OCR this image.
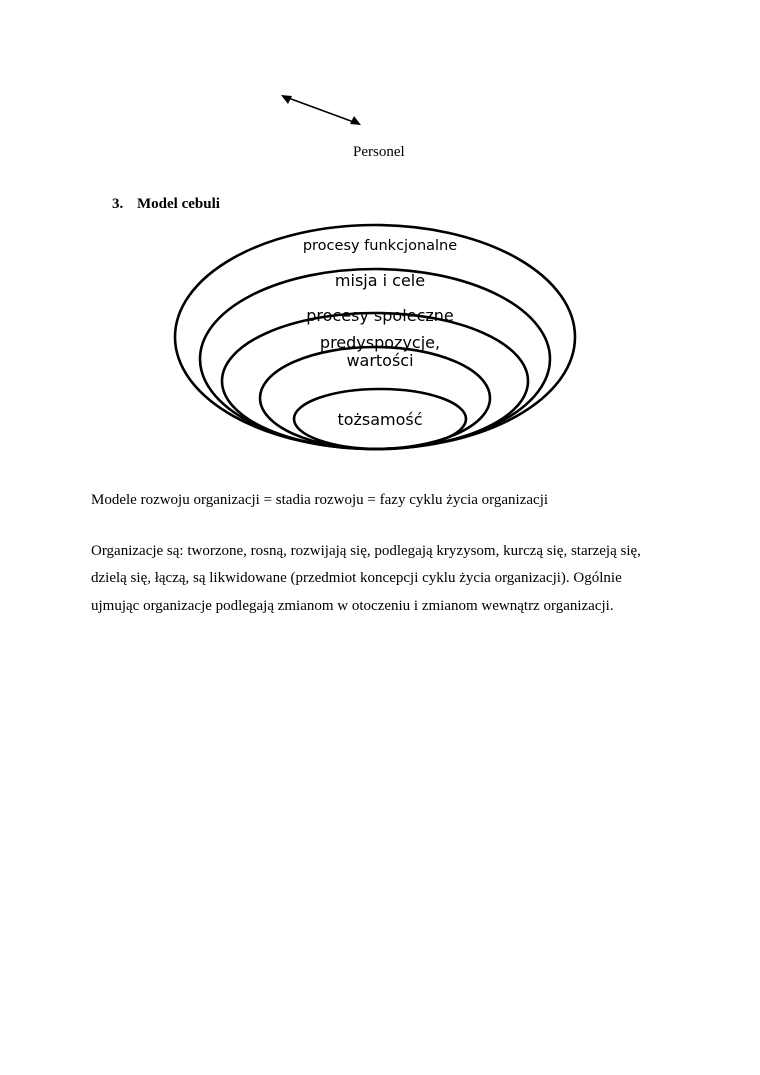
Personel
3. Model cebuli
procesy funkcjonalne
misja i cele
procesy społeczne
predyspozycje,
wartości
tożsamość
Modele rozwoju organizacji = stadia rozwoju = fazy cyklu życia organizacji
Organizacje są: tworzone, rosną, rozwijają się, podlegają kryzysom, kurczą się, starzeją się,
dzielą się, łączą, są likwidowane (przedmiot koncepcji cyklu życia organizacji). Ogólnie
ujmując organizacje podlegają zmianom w otoczeniu i zmianom wewnątrz organizacji.
